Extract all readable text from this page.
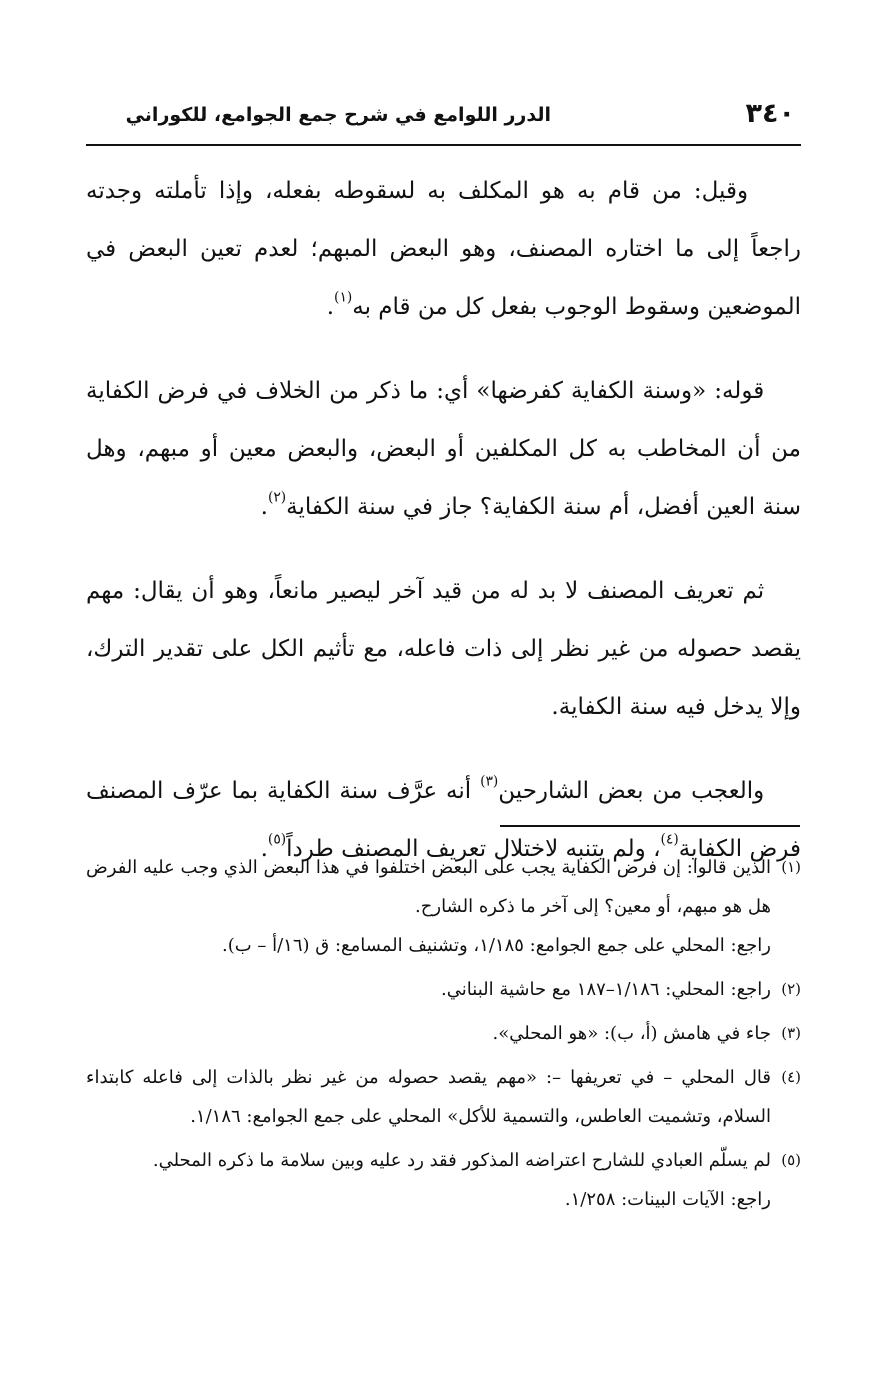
٣٤٠
الدرر اللوامع في شرح جمع الجوامع، للكوراني

وقيل: من قام به هو المكلف به لسقوطه بفعله، وإذا تأملته وجدته راجعاً إلى ما اختاره المصنف، وهو البعض المبهم؛ لعدم تعين البعض في الموضعين وسقوط الوجوب بفعل كل من قام به$^{(١)}$.

قوله: «وسنة الكفاية كفرضها» أي: ما ذكر من الخلاف في فرض الكفاية من أن المخاطب به كل المكلفين أو البعض، والبعض معين أو مبهم، وهل سنة العين أفضل، أم سنة الكفاية؟ جاز في سنة الكفاية$^{(٢)}$.

ثم تعريف المصنف لا بد له من قيد آخر ليصير مانعاً، وهو أن يقال: مهم يقصد حصوله من غير نظر إلى ذات فاعله، مع تأثيم الكل على تقدير الترك، وإلا يدخل فيه سنة الكفاية.

والعجب من بعض الشارحين$^{(٣)}$ أنه عرَّف سنة الكفاية بما عرّف المصنف فرض الكفاية$^{(٤)}$، ولم يتنبه لاختلال تعريف المصنف طرداً$^{(٥)}$.

(١)

الذين قالوا: إن فرض الكفاية يجب على البعض اختلفوا في هذا البعض الذي وجب عليه الفرض هل هو مبهم، أو معين؟ إلى آخر ما ذكره الشارح.

راجع: المحلي على جمع الجوامع: ١/١٨٥، وتشنيف المسامع: ق (١٦/أ – ب).

(٢)

راجع: المحلي: ١/١٨٦–١٨٧ مع حاشية البناني.

(٣)

جاء في هامش (أ، ب): «هو المحلي».

(٤)

قال المحلي – في تعريفها –: «مهم يقصد حصوله من غير نظر بالذات إلى فاعله كابتداء السلام، وتشميت العاطس، والتسمية للأكل» المحلي على جمع الجوامع: ١/١٨٦.

(٥)

لم يسلّم العبادي للشارح اعتراضه المذكور فقد رد عليه وبين سلامة ما ذكره المحلي.

راجع: الآيات البينات: ١/٢٥٨.
